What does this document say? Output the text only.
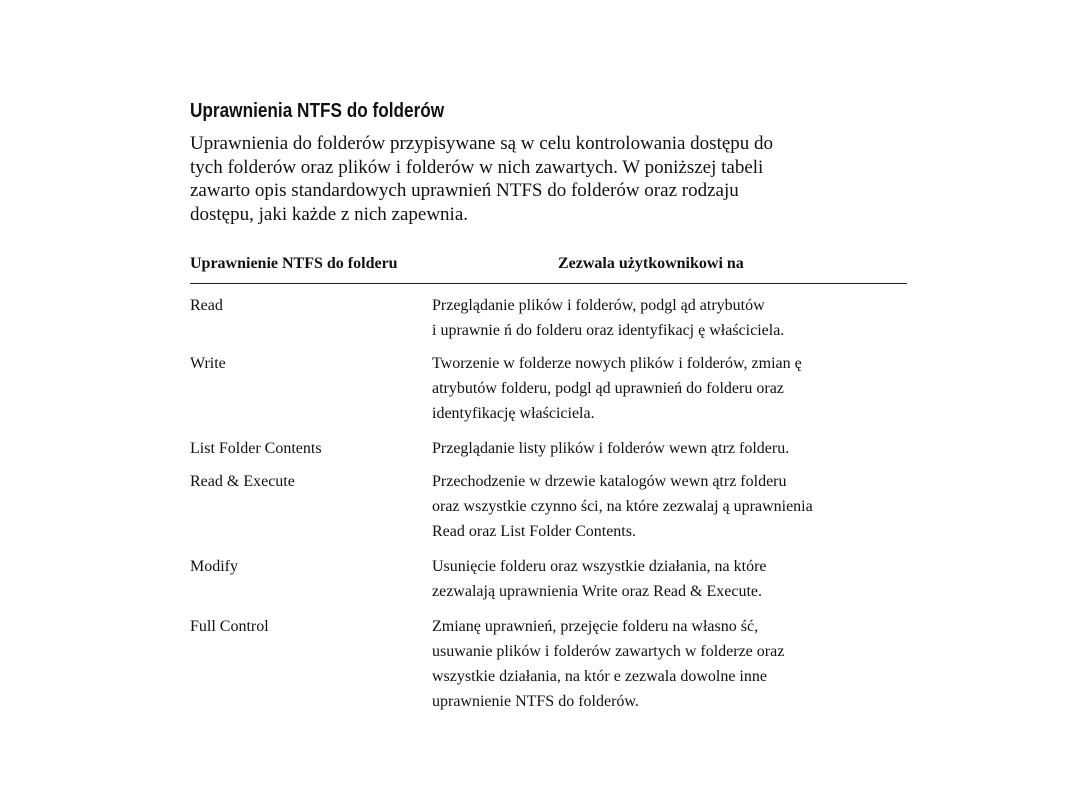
Uprawnienia NTFS do folderów

Uprawnienia do folderów przypisywane są w celu kontrolowania dostępu do
tych folderów oraz plików i folderów w nich zawartych. W poniższej tabeli
zawarto opis standardowych uprawnień NTFS do folderów oraz rodzaju
dostępu, jaki każde z nich zapewnia.

Uprawnienie NTFS do folderu	Zezwala użytkownikowi na
Read	Przeglądanie plików i folderów, podgl ąd atrybutów
i uprawnie ń do folderu oraz identyfikacj ę właściciela.
Write	Tworzenie w folderze nowych plików i folderów, zmian ę
atrybutów folderu, podgl ąd uprawnień do folderu oraz
identyfikację właściciela.
List Folder Contents	Przeglądanie listy plików i folderów wewn ątrz folderu.
Read & Execute	Przechodzenie w drzewie katalogów wewn ątrz folderu
oraz wszystkie czynno ści, na które zezwalaj ą uprawnienia
Read oraz List Folder Contents.
Modify	Usunięcie folderu oraz wszystkie działania, na które
zezwalają uprawnienia Write oraz Read & Execute.
Full Control	Zmianę uprawnień, przejęcie folderu na własno ść,
usuwanie plików i folderów zawartych w folderze oraz
wszystkie działania, na któr e zezwala dowolne inne
uprawnienie NTFS do folderów.
